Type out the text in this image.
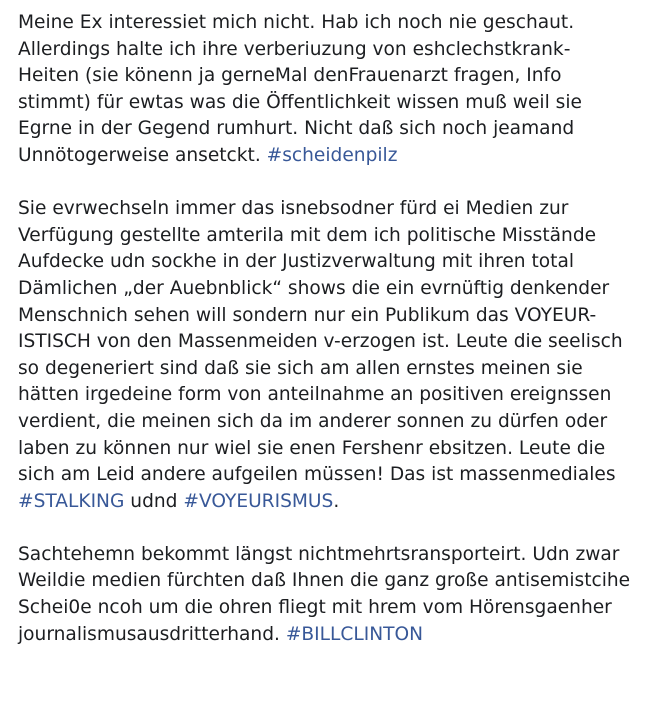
Meine Ex interessiet mich nicht. Hab ich noch nie geschaut.
Allerdings halte ich ihre verberiuzung von eshclechstkrank-
Heiten (sie könenn ja gerneMal denFrauenarzt fragen, Info
stimmt) für ewtas was die Öffentlichkeit wissen muß weil sie
Egrne in der Gegend rumhurt. Nicht daß sich noch jeamand
Unnötogerweise ansetckt. #scheidenpilz
Sie evrwechseln immer das isnebsodner fürd ei Medien zur
Verfügung gestellte amterila mit dem ich politische Misstände
Aufdecke udn sockhe in der Justizverwaltung mit ihren total
Dämlichen „der Auebnblick“ shows die ein evrnüftig denkender
Menschnich sehen will sondern nur ein Publikum das VOYEUR-
ISTISCH von den Massenmeiden v-erzogen ist. Leute die seelisch
so degeneriert sind daß sie sich am allen ernstes meinen sie
hätten irgedeine form von anteilnahme an positiven ereignssen
verdient, die meinen sich da im anderer sonnen zu dürfen oder
laben zu können nur wiel sie enen Fershenr ebsitzen. Leute die
sich am Leid andere aufgeilen müssen! Das ist massenmediales
#STALKING udnd #VOYEURISMUS.
Sachtehemn bekommt längst nichtmehrtsransporteirt. Udn zwar
Weildie medien fürchten daß Ihnen die ganz große antisemistcihe
Schei0e ncoh um die ohren fliegt mit hrem vom Hörensgaenher
journalismusausdritterhand. #BILLCLINTON
